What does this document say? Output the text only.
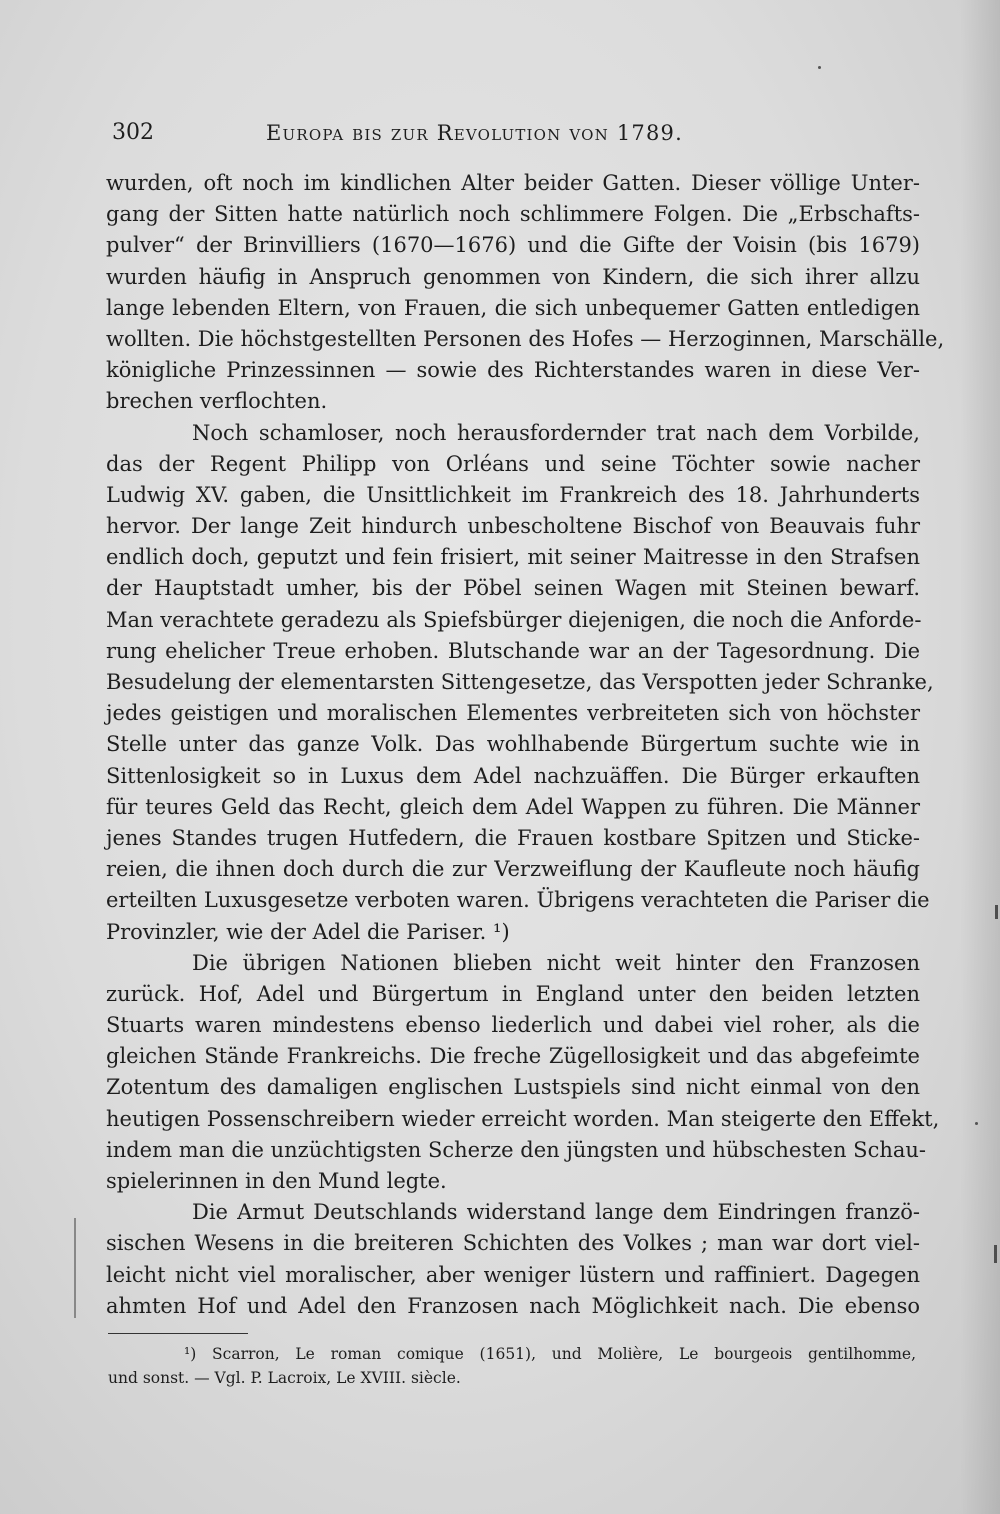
302	Europa bis zur Revolution von 1789.
wurden, oft noch im kindlichen Alter beider Gatten. Dieser völlige Unter-
gang der Sitten hatte natürlich noch schlimmere Folgen. Die „Erbschafts-
pulver“ der Brinvilliers (1670—1676) und die Gifte der Voisin (bis 1679)
wurden häufig in Anspruch genommen von Kindern, die sich ihrer allzu
lange lebenden Eltern, von Frauen, die sich unbequemer Gatten entledigen
wollten. Die höchstgestellten Personen des Hofes — Herzoginnen, Marschälle,
königliche Prinzessinnen — sowie des Richterstandes waren in diese Ver-
brechen verflochten.
Noch schamloser, noch herausfordernder trat nach dem Vorbilde,
das der Regent Philipp von Orléans und seine Töchter sowie nacher
Ludwig XV. gaben, die Unsittlichkeit im Frankreich des 18. Jahrhunderts
hervor. Der lange Zeit hindurch unbescholtene Bischof von Beauvais fuhr
endlich doch, geputzt und fein frisiert, mit seiner Maitresse in den Strafsen
der Hauptstadt umher, bis der Pöbel seinen Wagen mit Steinen bewarf.
Man verachtete geradezu als Spiefsbürger diejenigen, die noch die Anforde-
rung ehelicher Treue erhoben. Blutschande war an der Tagesordnung. Die
Besudelung der elementarsten Sittengesetze, das Verspotten jeder Schranke,
jedes geistigen und moralischen Elementes verbreiteten sich von höchster
Stelle unter das ganze Volk. Das wohlhabende Bürgertum suchte wie in
Sittenlosigkeit so in Luxus dem Adel nachzuäffen. Die Bürger erkauften
für teures Geld das Recht, gleich dem Adel Wappen zu führen. Die Männer
jenes Standes trugen Hutfedern, die Frauen kostbare Spitzen und Sticke-
reien, die ihnen doch durch die zur Verzweiflung der Kaufleute noch häufig
erteilten Luxusgesetze verboten waren. Übrigens verachteten die Pariser die
Provinzler, wie der Adel die Pariser. ¹)
Die übrigen Nationen blieben nicht weit hinter den Franzosen
zurück. Hof, Adel und Bürgertum in England unter den beiden letzten
Stuarts waren mindestens ebenso liederlich und dabei viel roher, als die
gleichen Stände Frankreichs. Die freche Zügellosigkeit und das abgefeimte
Zotentum des damaligen englischen Lustspiels sind nicht einmal von den
heutigen Possenschreibern wieder erreicht worden. Man steigerte den Effekt,
indem man die unzüchtigsten Scherze den jüngsten und hübschesten Schau-
spielerinnen in den Mund legte.
Die Armut Deutschlands widerstand lange dem Eindringen franzö-
sischen Wesens in die breiteren Schichten des Volkes ; man war dort viel-
leicht nicht viel moralischer, aber weniger lüstern und raffiniert. Dagegen
ahmten Hof und Adel den Franzosen nach Möglichkeit nach. Die ebenso
¹) Scarron, Le roman comique (1651), und Molière, Le bourgeois gentilhomme,
und sonst. — Vgl. P. Lacroix, Le XVIII. siècle.
